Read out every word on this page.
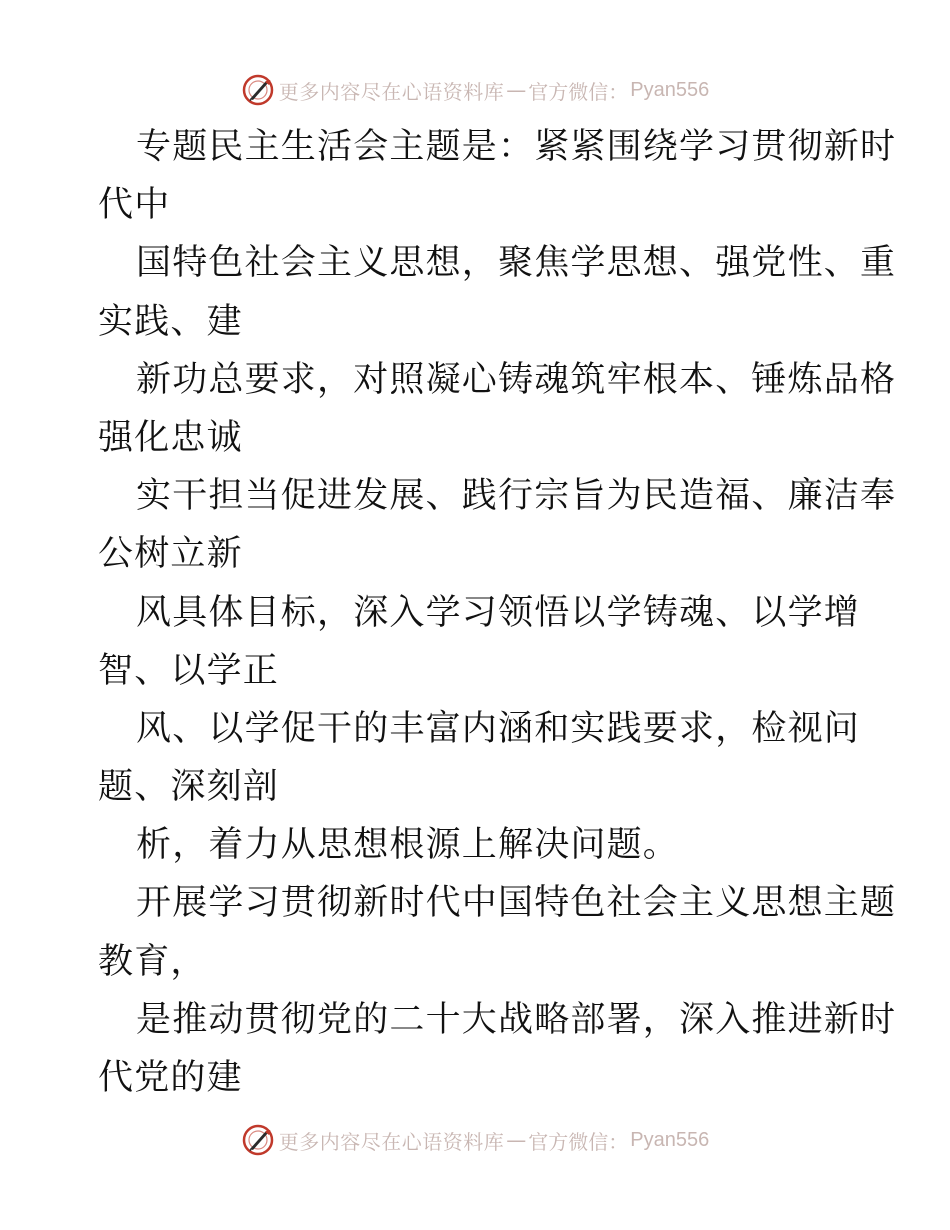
更多内容尽在心语资料库 — 官方微信： Pyan556
专题民主生活会主题是：紧紧围绕学习贯彻新时
代中
国特色社会主义思想，聚焦学思想、强党性、重
实践、建
新功总要求，对照凝心铸魂筑牢根本、锤炼品格
强化忠诚
实干担当促进发展、践行宗旨为民造福、廉洁奉
公树立新
风具体目标，深入学习领悟以学铸魂、以学增
智、以学正
风、以学促干的丰富内涵和实践要求，检视问
题、深刻剖
析，着力从思想根源上解决问题。
开展学习贯彻新时代中国特色社会主义思想主题
教育，
是推动贯彻党的二十大战略部署，深入推进新时
代党的建
更多内容尽在心语资料库 — 官方微信： Pyan556
